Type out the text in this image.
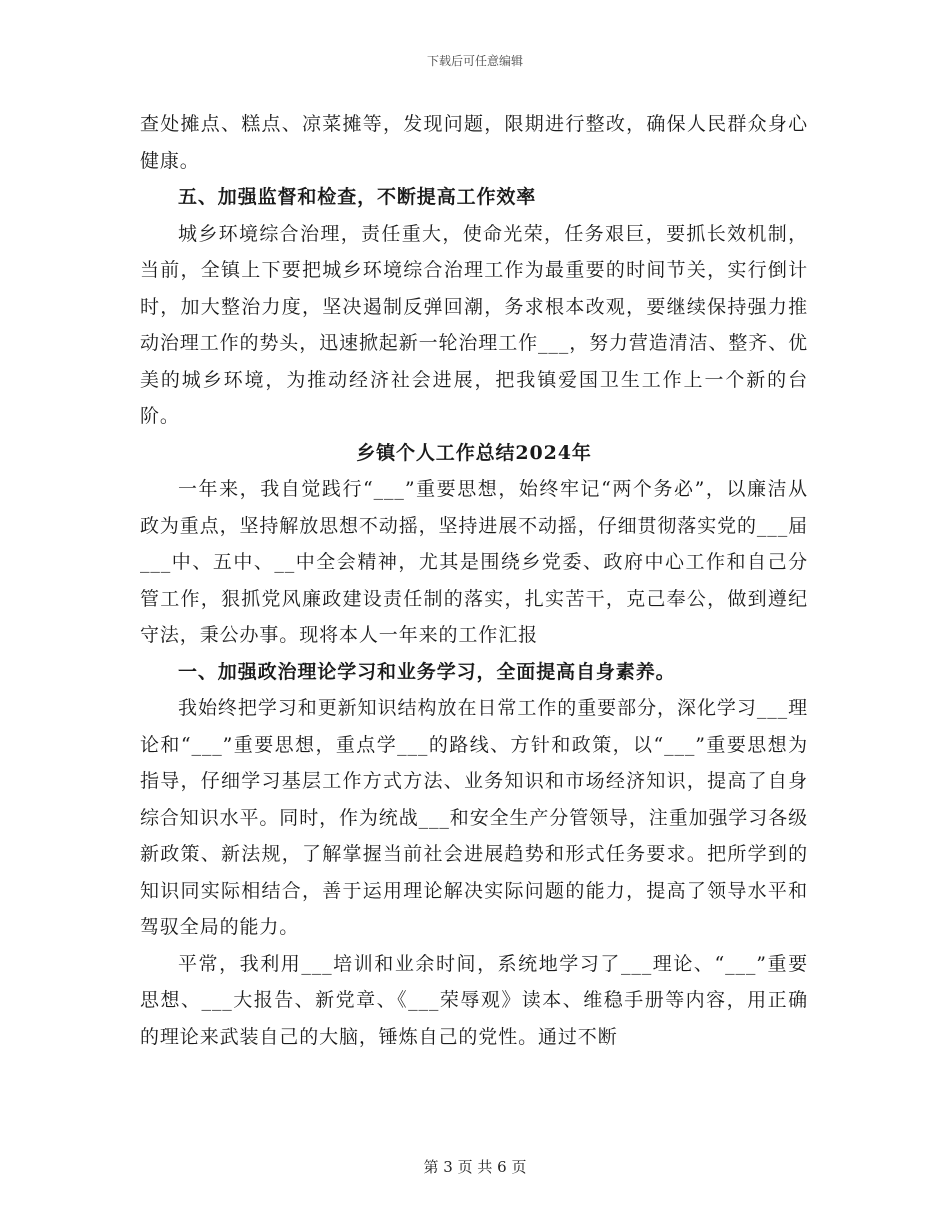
下载后可任意编辑

查处摊点、糕点、凉菜摊等，发现问题，限期进行整改，确保人民群众身心健康。

五、加强监督和检查，不断提高工作效率

城乡环境综合治理，责任重大，使命光荣，任务艰巨，要抓长效机制，当前，全镇上下要把城乡环境综合治理工作为最重要的时间节关，实行倒计时，加大整治力度，坚决遏制反弹回潮，务求根本改观，要继续保持强力推动治理工作的势头，迅速掀起新一轮治理工作___，努力营造清洁、整齐、优美的城乡环境，为推动经济社会进展，把我镇爱国卫生工作上一个新的台阶。

乡镇个人工作总结2024年

一年来，我自觉践行“___”重要思想，始终牢记“两个务必”，以廉洁从政为重点，坚持解放思想不动摇，坚持进展不动摇，仔细贯彻落实党的___届___中、五中、__中全会精神，尤其是围绕乡党委、政府中心工作和自己分管工作，狠抓党风廉政建设责任制的落实，扎实苦干，克己奉公，做到遵纪守法，秉公办事。现将本人一年来的工作汇报

一、加强政治理论学习和业务学习，全面提高自身素养。

我始终把学习和更新知识结构放在日常工作的重要部分，深化学习___理论和“___”重要思想，重点学___的路线、方针和政策，以“___”重要思想为指导，仔细学习基层工作方式方法、业务知识和市场经济知识，提高了自身综合知识水平。同时，作为统战___和安全生产分管领导，注重加强学习各级新政策、新法规，了解掌握当前社会进展趋势和形式任务要求。把所学到的知识同实际相结合，善于运用理论解决实际问题的能力，提高了领导水平和驾驭全局的能力。

平常，我利用___培训和业余时间，系统地学习了___理论、“___”重要思想、___大报告、新党章、《___荣辱观》读本、维稳手册等内容，用正确的理论来武装自己的大脑，锤炼自己的党性。通过不断

第 3 页 共 6 页
